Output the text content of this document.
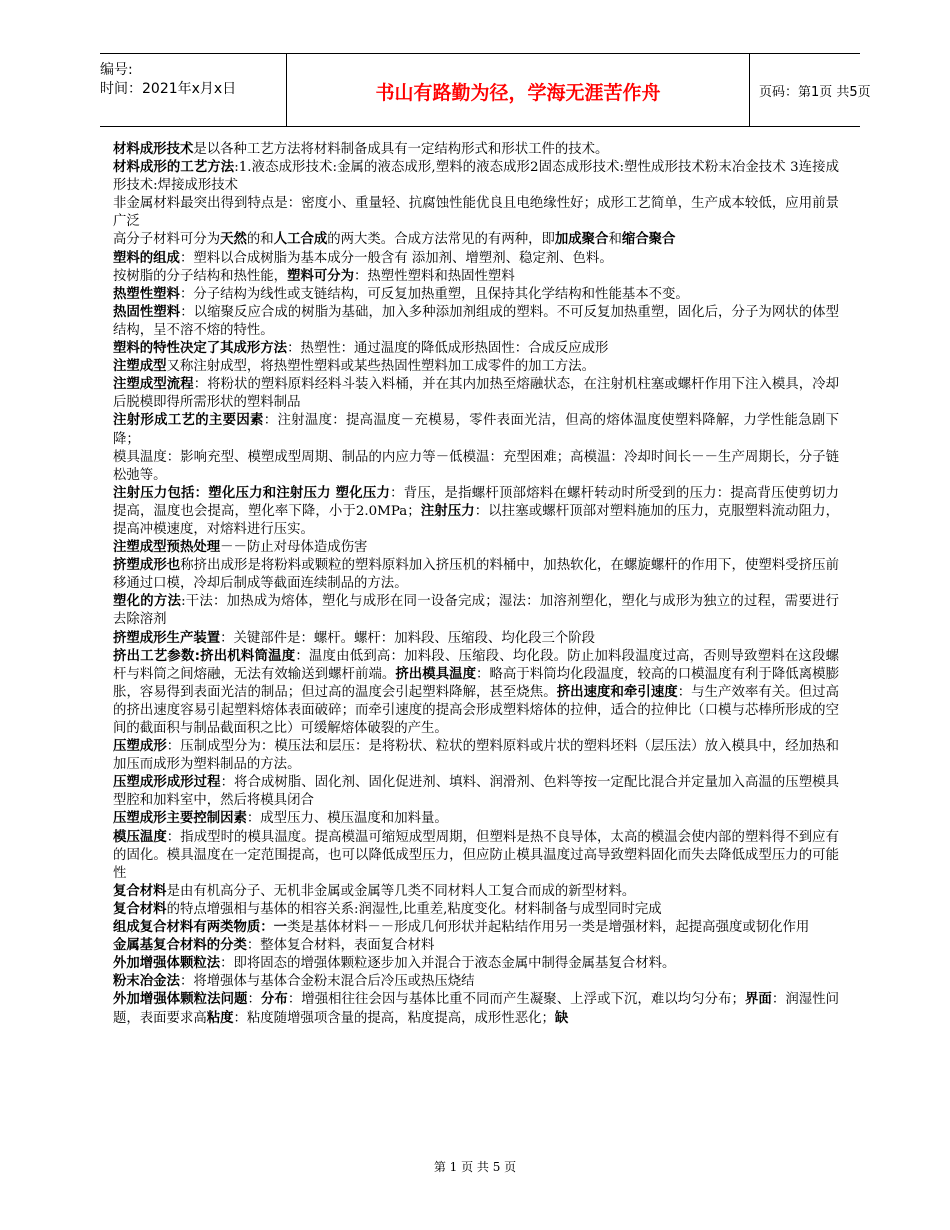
编号:
时间：2021年x月x日	书山有路勤为径，学海无涯苦作舟	页码：第1页 共5页

材料成形技术是以各种工艺方法将材料制备成具有一定结构形式和形状工件的技术。

材料成形的工艺方法:1.液态成形技术:金属的液态成形,塑料的液态成形2固态成形技术:塑性成形技术粉末冶金技术 3连接成形技术:焊接成形技术

非金属材料最突出得到特点是：密度小、重量轻、抗腐蚀性能优良且电绝缘性好；成形工艺简单，生产成本较低，应用前景广泛

高分子材料可分为天然的和人工合成的两大类。合成方法常见的有两种，即加成聚合和缩合聚合

塑料的组成：塑料以合成树脂为基本成分一般含有 添加剂、增塑剂、稳定剂、色料。

按树脂的分子结构和热性能，塑料可分为：热塑性塑料和热固性塑料

热塑性塑料：分子结构为线性或支链结构，可反复加热重塑，且保持其化学结构和性能基本不变。

热固性塑料：以缩聚反应合成的树脂为基础，加入多种添加剂组成的塑料。不可反复加热重塑，固化后，分子为网状的体型结构，呈不溶不熔的特性。

塑料的特性决定了其成形方法：热塑性：通过温度的降低成形热固性：合成反应成形

注塑成型又称注射成型，将热塑性塑料或某些热固性塑料加工成零件的加工方法。

注塑成型流程：将粉状的塑料原料经料斗装入料桶，并在其内加热至熔融状态，在注射机柱塞或螺杆作用下注入模具，冷却后脱模即得所需形状的塑料制品

注射形成工艺的主要因素：注射温度：提高温度－充模易，零件表面光洁，但高的熔体温度使塑料降解，力学性能急剧下降；

模具温度：影响充型、模塑成型周期、制品的内应力等－低模温：充型困难；高模温：冷却时间长－－生产周期长，分子链松弛等。

注射压力包括：塑化压力和注射压力 塑化压力：背压，是指螺杆顶部熔料在螺杆转动时所受到的压力：提高背压使剪切力提高，温度也会提高，塑化率下降，小于2.0MPa；注射压力：以拄塞或螺杆顶部对塑料施加的压力，克服塑料流动阻力，提高冲模速度，对熔料进行压实。

注塑成型预热处理－－防止对母体造成伤害

挤塑成形也称挤出成形是将粉料或颗粒的塑料原料加入挤压机的料桶中，加热软化，在螺旋螺杆的作用下，使塑料受挤压前移通过口模，冷却后制成等截面连续制品的方法。

塑化的方法:干法：加热成为熔体，塑化与成形在同一设备完成；湿法：加溶剂塑化，塑化与成形为独立的过程，需要进行去除溶剂

挤塑成形生产装置：关键部件是：螺杆。螺杆：加料段、压缩段、均化段三个阶段

挤出工艺参数:挤出机料筒温度：温度由低到高：加料段、压缩段、均化段。防止加料段温度过高，否则导致塑料在这段螺杆与料筒之间熔融，无法有效输送到螺杆前端。挤出模具温度：略高于料筒均化段温度，较高的口模温度有利于降低离模膨胀，容易得到表面光洁的制品；但过高的温度会引起塑料降解，甚至烧焦。挤出速度和牵引速度：与生产效率有关。但过高的挤出速度容易引起塑料熔体表面破碎；而牵引速度的提高会形成塑料熔体的拉伸，适合的拉伸比（口模与芯棒所形成的空间的截面积与制品截面积之比）可缓解熔体破裂的产生。

压塑成形：压制成型分为：模压法和层压：是将粉状、粒状的塑料原料或片状的塑料坯料（层压法）放入模具中，经加热和加压而成形为塑料制品的方法。

压塑成形成形过程：将合成树脂、固化剂、固化促进剂、填料、润滑剂、色料等按一定配比混合并定量加入高温的压塑模具型腔和加料室中，然后将模具闭合

压塑成形主要控制因素：成型压力、模压温度和加料量。

模压温度：指成型时的模具温度。提高模温可缩短成型周期，但塑料是热不良导体，太高的模温会使内部的塑料得不到应有的固化。模具温度在一定范围提高，也可以降低成型压力，但应防止模具温度过高导致塑料固化而失去降低成型压力的可能性

复合材料是由有机高分子、无机非金属或金属等几类不同材料人工复合而成的新型材料。

复合材料的特点增强相与基体的相容关系:润湿性,比重差,粘度变化。材料制备与成型同时完成

组成复合材料有两类物质：一类是基体材料－－形成几何形状并起粘结作用另一类是增强材料，起提高强度或韧化作用

金属基复合材料的分类：整体复合材料，表面复合材料

外加增强体颗粒法：即将固态的增强体颗粒逐步加入并混合于液态金属中制得金属基复合材料。

粉末冶金法：将增强体与基体合金粉末混合后冷压或热压烧结

外加增强体颗粒法问题：分布：增强相往往会因与基体比重不同而产生凝聚、上浮或下沉，难以均匀分布；界面：润湿性问题，表面要求高粘度：粘度随增强项含量的提高，粘度提高，成形性恶化；缺

第 1 页 共 5 页
